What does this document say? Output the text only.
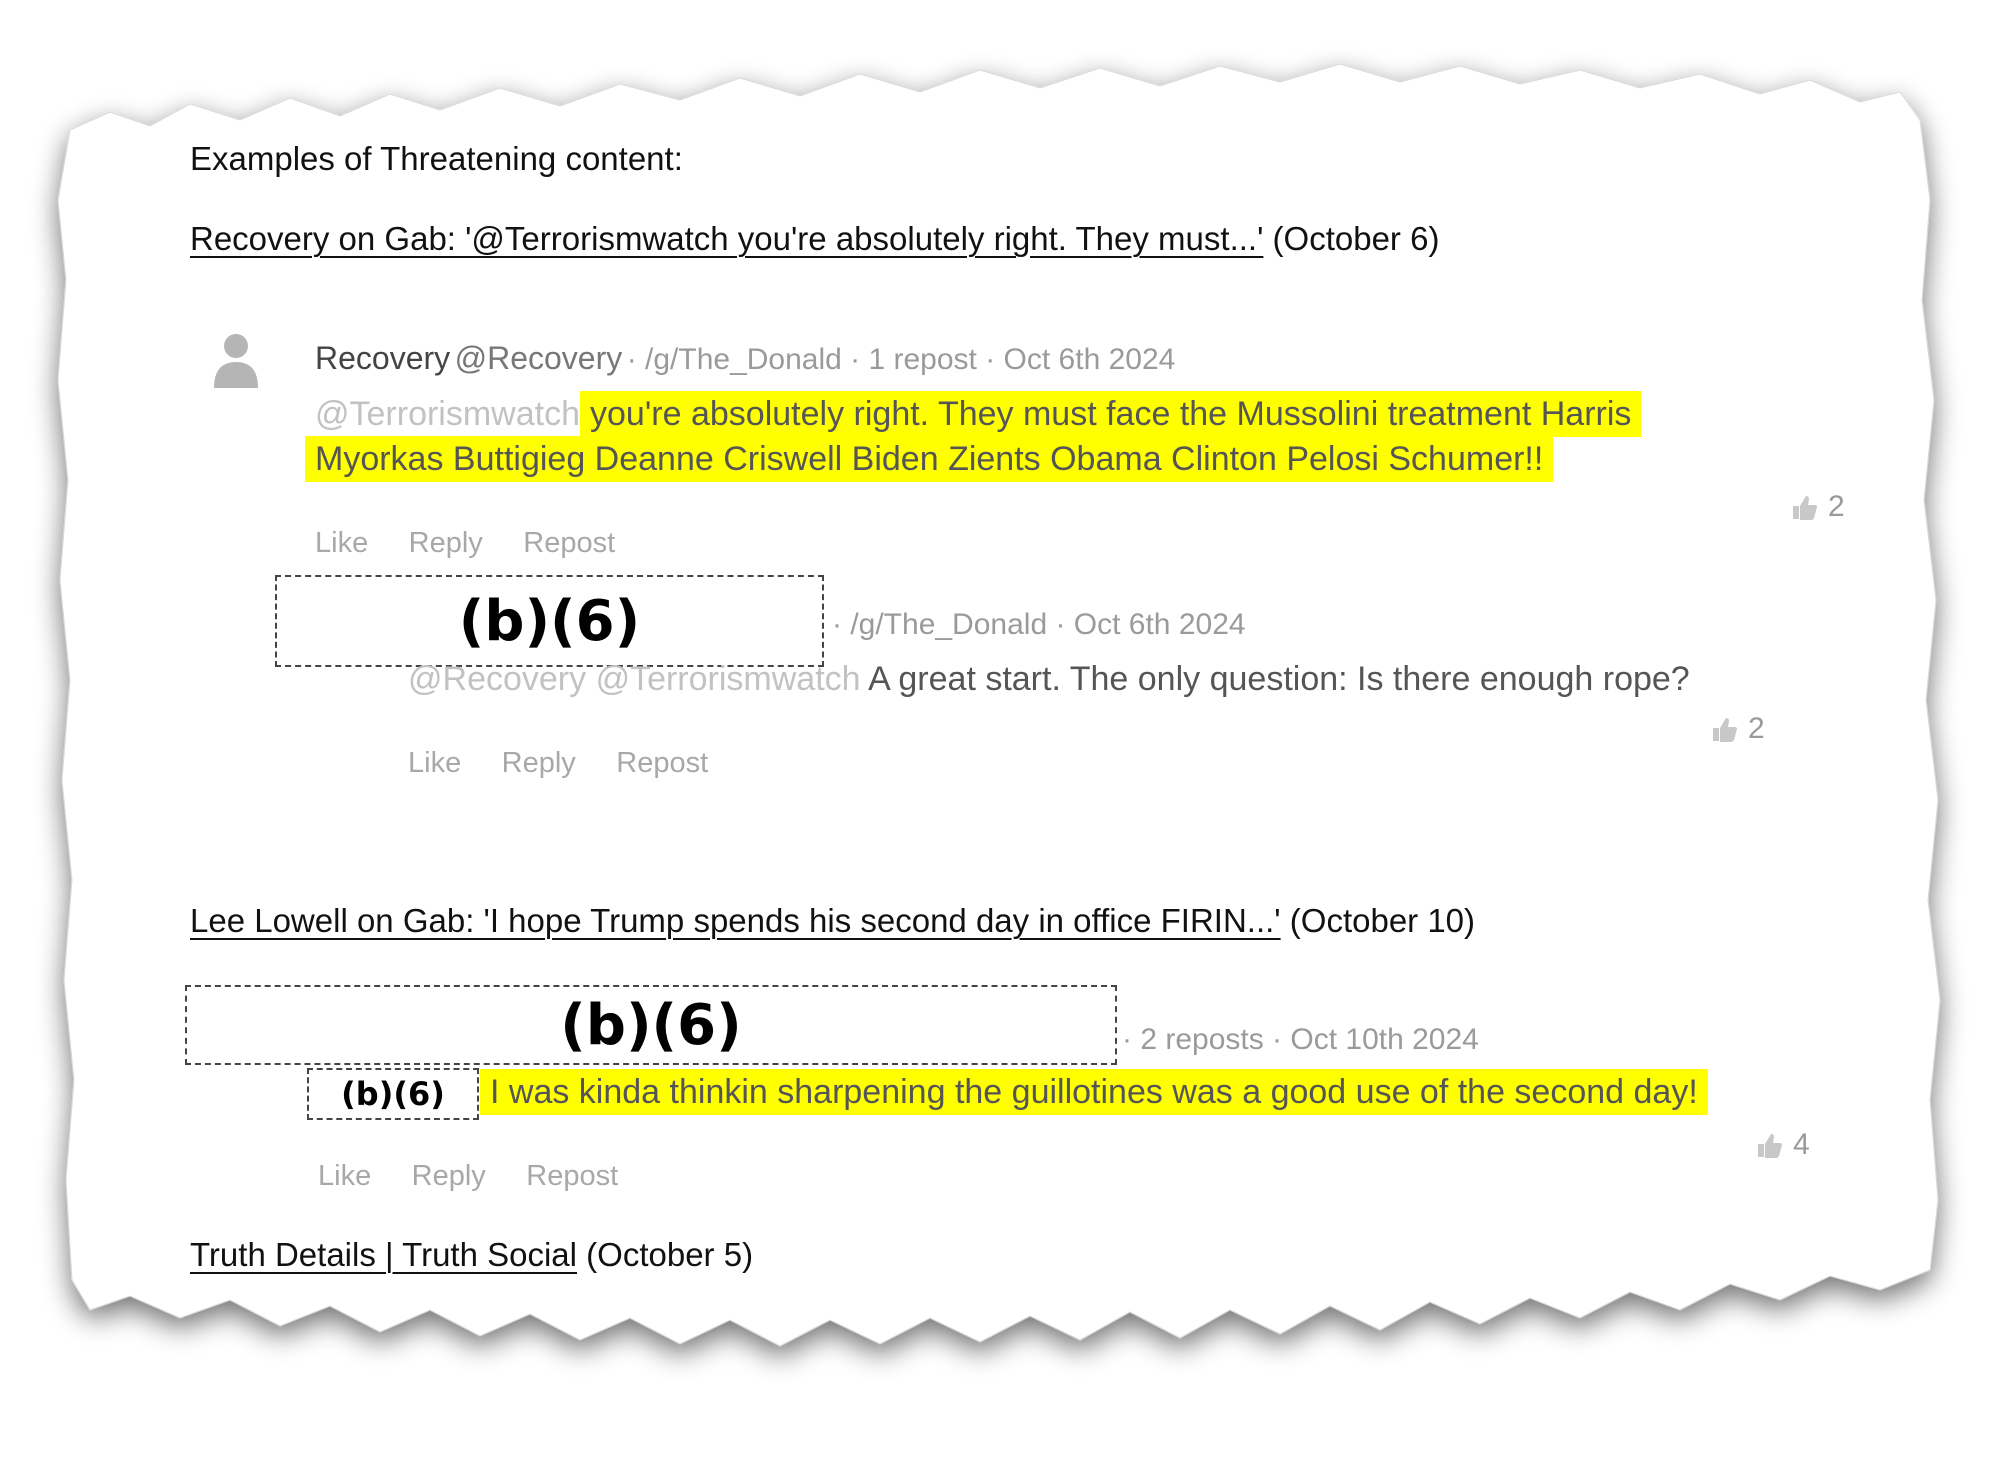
Examples of Threatening content:
Recovery on Gab: '@Terrorismwatch you're absolutely right. They must...' (October 6)
Recovery @Recovery · /g/The_Donald · 1 repost · Oct 6th 2024
@Terrorismwatch you're absolutely right. They must face the Mussolini treatment Harris
Myorkas Buttigieg Deanne Criswell Biden Zients Obama Clinton Pelosi Schumer!!
2
Like Reply Repost
(b)(6)	· /g/The_Donald · Oct 6th 2024
@Recovery @Terrorismwatch A great start. The only question: Is there enough rope?
2
Like Reply Repost
Lee Lowell on Gab: 'I hope Trump spends his second day in office FIRIN...' (October 10)
(b)(6)	· 2 reposts · Oct 10th 2024
(b)(6)	I was kinda thinkin sharpening the guillotines was a good use of the second day!
4
Like Reply Repost
Truth Details | Truth Social (October 5)
